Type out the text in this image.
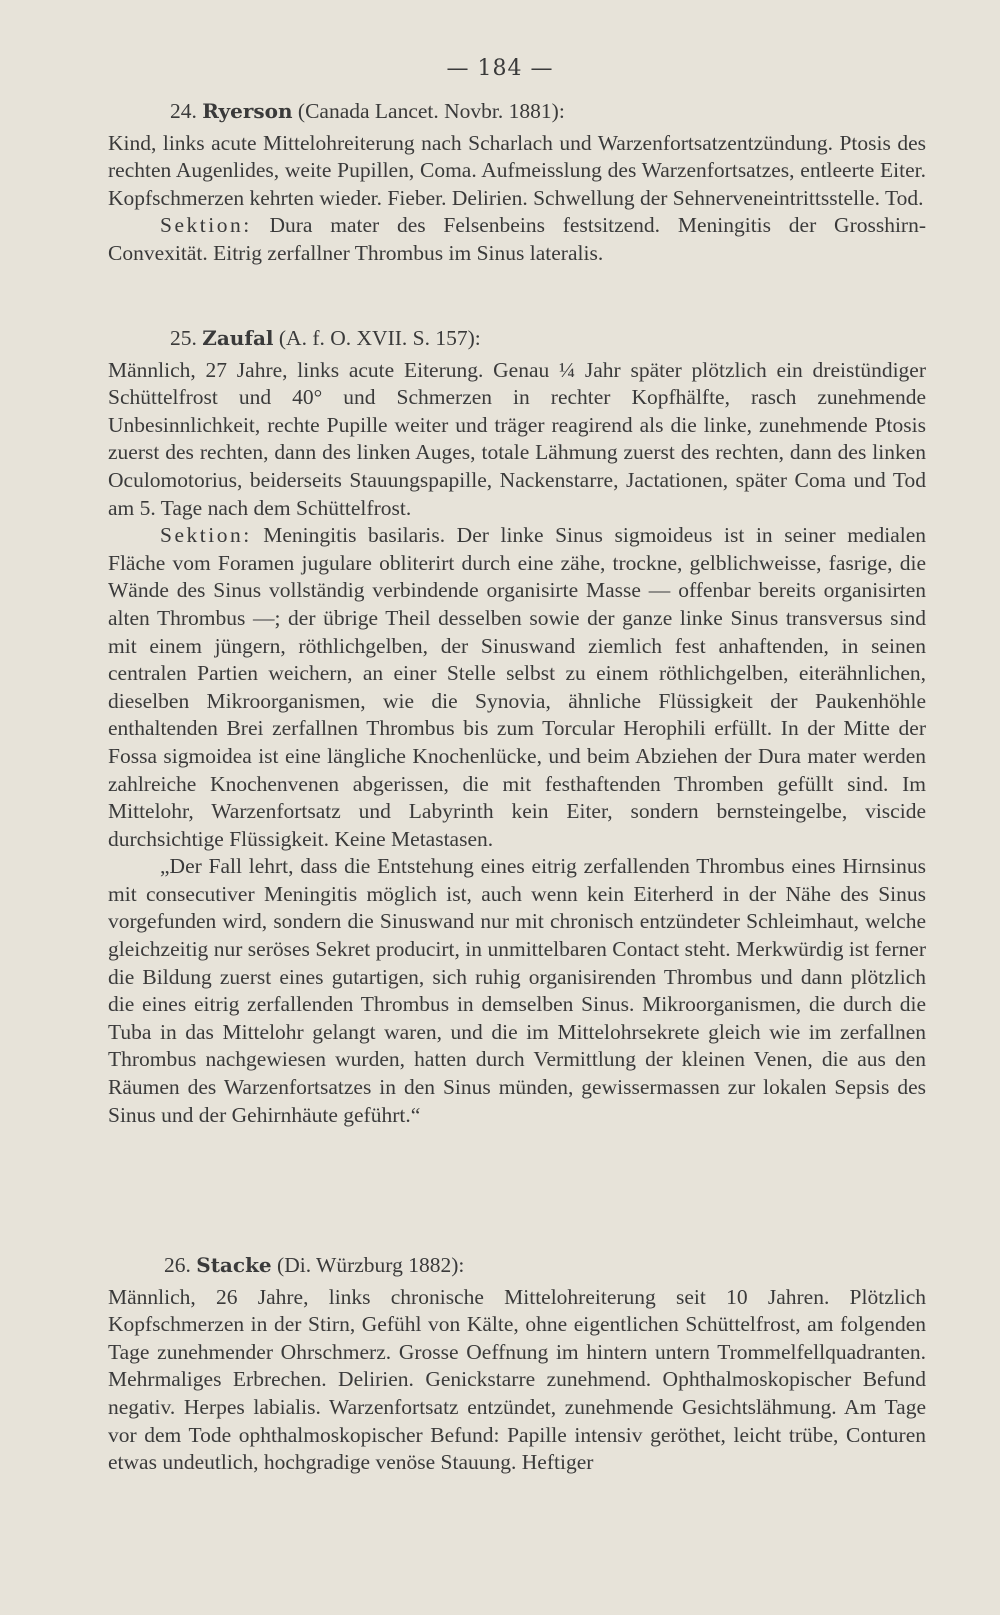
— 184 —

24. Ryerson (Canada Lancet. Novbr. 1881):

Kind, links acute Mittelohreiterung nach Scharlach und Warzenfortsatzentzündung. Ptosis des rechten Augenlides, weite Pupillen, Coma. Aufmeisslung des Warzenfortsatzes, entleerte Eiter. Kopfschmerzen kehrten wieder. Fieber. Delirien. Schwellung der Sehnerveneintrittsstelle. Tod.

Sektion: Dura mater des Felsenbeins festsitzend. Meningitis der Grosshirn-Convexität. Eitrig zerfallner Thrombus im Sinus lateralis.

25. Zaufal (A. f. O. XVII. S. 157):

Männlich, 27 Jahre, links acute Eiterung. Genau ¼ Jahr später plötzlich ein dreistündiger Schüttelfrost und 40° und Schmerzen in rechter Kopfhälfte, rasch zunehmende Unbesinnlichkeit, rechte Pupille weiter und träger reagirend als die linke, zunehmende Ptosis zuerst des rechten, dann des linken Auges, totale Lähmung zuerst des rechten, dann des linken Oculomotorius, beiderseits Stauungspapille, Nackenstarre, Jactationen, später Coma und Tod am 5. Tage nach dem Schüttelfrost.

Sektion: Meningitis basilaris. Der linke Sinus sigmoideus ist in seiner medialen Fläche vom Foramen jugulare obliterirt durch eine zähe, trockne, gelblichweisse, fasrige, die Wände des Sinus vollständig verbindende organisirte Masse — offenbar bereits organisirten alten Thrombus —; der übrige Theil desselben sowie der ganze linke Sinus transversus sind mit einem jüngern, röthlichgelben, der Sinuswand ziemlich fest anhaftenden, in seinen centralen Partien weichern, an einer Stelle selbst zu einem röthlichgelben, eiterähnlichen, dieselben Mikroorganismen, wie die Synovia, ähnliche Flüssigkeit der Paukenhöhle enthaltenden Brei zerfallnen Thrombus bis zum Torcular Herophili erfüllt. In der Mitte der Fossa sigmoidea ist eine längliche Knochenlücke, und beim Abziehen der Dura mater werden zahlreiche Knochenvenen abgerissen, die mit festhaftenden Thromben gefüllt sind. Im Mittelohr, Warzenfortsatz und Labyrinth kein Eiter, sondern bernsteingelbe, viscide durchsichtige Flüssigkeit. Keine Metastasen.

„Der Fall lehrt, dass die Entstehung eines eitrig zerfallenden Thrombus eines Hirnsinus mit consecutiver Meningitis möglich ist, auch wenn kein Eiterherd in der Nähe des Sinus vorgefunden wird, sondern die Sinuswand nur mit chronisch entzündeter Schleimhaut, welche gleichzeitig nur seröses Sekret producirt, in unmittelbaren Contact steht. Merkwürdig ist ferner die Bildung zuerst eines gutartigen, sich ruhig organisirenden Thrombus und dann plötzlich die eines eitrig zerfallenden Thrombus in demselben Sinus. Mikroorganismen, die durch die Tuba in das Mittelohr gelangt waren, und die im Mittelohrsekrete gleich wie im zerfallnen Thrombus nachgewiesen wurden, hatten durch Vermittlung der kleinen Venen, die aus den Räumen des Warzenfortsatzes in den Sinus münden, gewissermassen zur lokalen Sepsis des Sinus und der Gehirnhäute geführt.“

26. Stacke (Di. Würzburg 1882):

Männlich, 26 Jahre, links chronische Mittelohreiterung seit 10 Jahren. Plötzlich Kopfschmerzen in der Stirn, Gefühl von Kälte, ohne eigentlichen Schüttelfrost, am folgenden Tage zunehmender Ohrschmerz. Grosse Oeffnung im hintern untern Trommelfellquadranten. Mehrmaliges Erbrechen. Delirien. Genickstarre zunehmend. Ophthalmoskopischer Befund negativ. Herpes labialis. Warzenfortsatz entzündet, zunehmende Gesichtslähmung. Am Tage vor dem Tode ophthalmoskopischer Befund: Papille intensiv geröthet, leicht trübe, Conturen etwas undeutlich, hochgradige venöse Stauung. Heftiger
